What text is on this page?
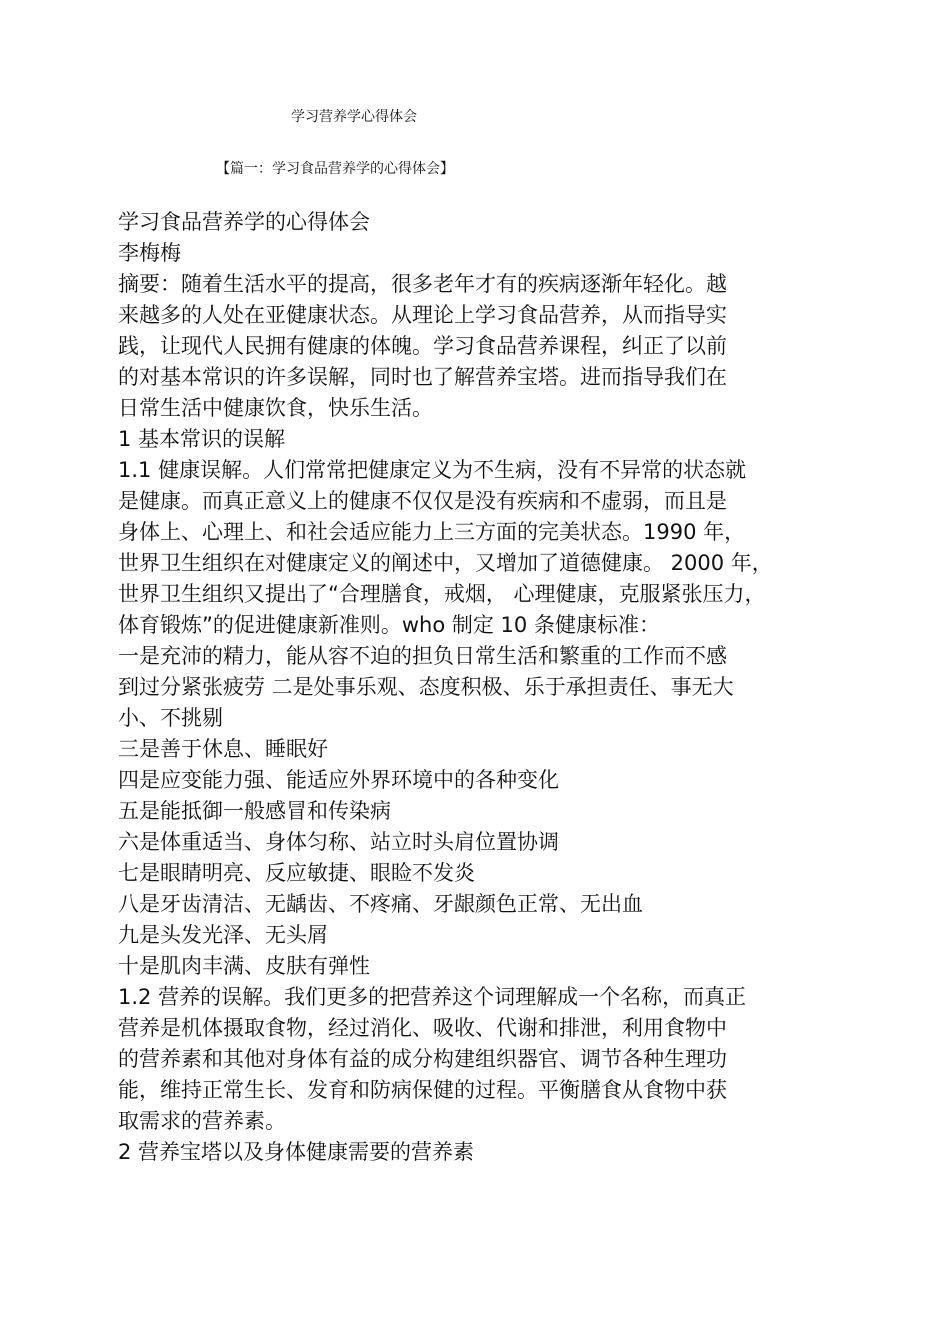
学习营养学心得体会
【篇一：学习食品营养学的心得体会】
学习食品营养学的心得体会
李梅梅
摘要：随着生活水平的提高，很多老年才有的疾病逐渐年轻化。越
来越多的人处在亚健康状态。从理论上学习食品营养，从而指导实
践，让现代人民拥有健康的体魄。学习食品营养课程，纠正了以前
的对基本常识的许多误解，同时也了解营养宝塔。进而指导我们在
日常生活中健康饮食，快乐生活。
1 基本常识的误解
1.1 健康误解。人们常常把健康定义为不生病，没有不异常的状态就
是健康。而真正意义上的健康不仅仅是没有疾病和不虚弱，而且是
身体上、心理上、和社会适应能力上三方面的完美状态。1990 年，
世界卫生组织在对健康定义的阐述中，又增加了道德健康。 2000 年，
世界卫生组织又提出了“合理膳食，戒烟， 心理健康，克服紧张压力，
体育锻炼”的促进健康新准则。who 制定 10 条健康标准：
一是充沛的精力，能从容不迫的担负日常生活和繁重的工作而不感
到过分紧张疲劳 二是处事乐观、态度积极、乐于承担责任、事无大
小、不挑剔
三是善于休息、睡眠好
四是应变能力强、能适应外界环境中的各种变化
五是能抵御一般感冒和传染病
六是体重适当、身体匀称、站立时头肩位置协调
七是眼睛明亮、反应敏捷、眼睑不发炎
八是牙齿清洁、无龋齿、不疼痛、牙龈颜色正常、无出血
九是头发光泽、无头屑
十是肌肉丰满、皮肤有弹性
1.2 营养的误解。我们更多的把营养这个词理解成一个名称，而真正
营养是机体摄取食物，经过消化、吸收、代谢和排泄，利用食物中
的营养素和其他对身体有益的成分构建组织器官、调节各种生理功
能，维持正常生长、发育和防病保健的过程。平衡膳食从食物中获
取需求的营养素。
2 营养宝塔以及身体健康需要的营养素
